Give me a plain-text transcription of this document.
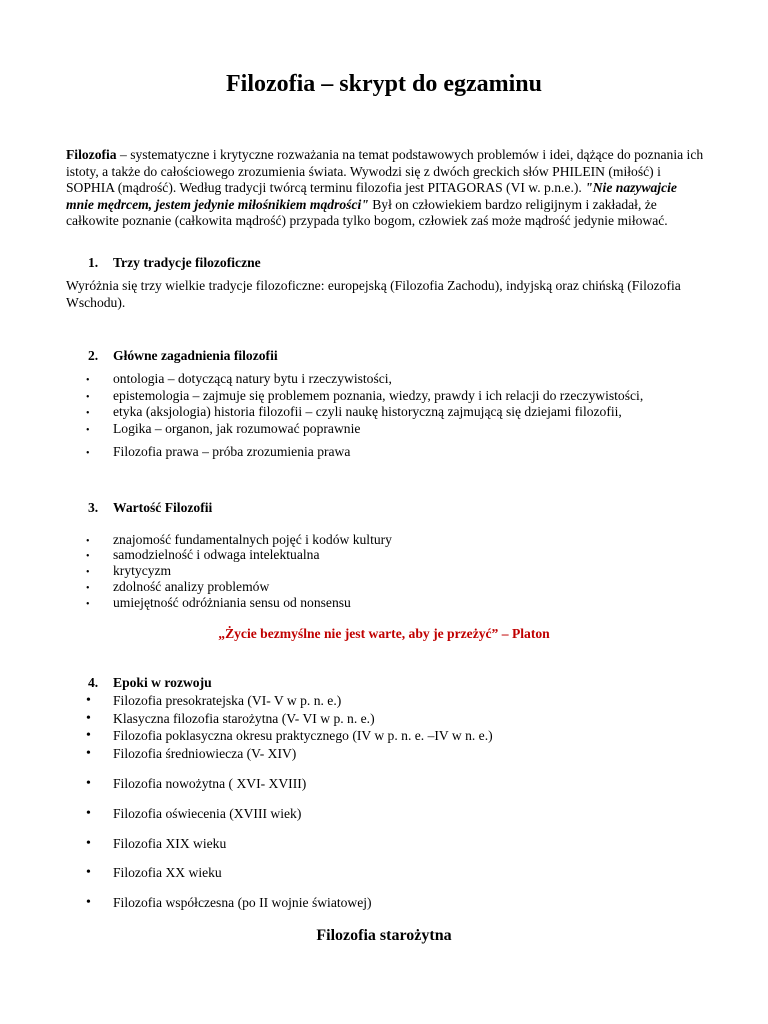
Filozofia – skrypt do egzaminu
Filozofia – systematyczne i krytyczne rozważania na temat podstawowych problemów i idei, dążące do poznania ich istoty, a także do całościowego zrozumienia świata. Wywodzi się z dwóch greckich słów PHILEIN (miłość) i SOPHIA (mądrość). Według tradycji twórcą terminu filozofia jest PITAGORAS (VI w. p.n.e.). "Nie nazywajcie mnie mędrcem, jestem jedynie miłośnikiem mądrości" Był on człowiekiem bardzo religijnym i zakładał, że całkowite poznanie (całkowita mądrość) przypada tylko bogom, człowiek zaś może mądrość jedynie miłować.
1. Trzy tradycje filozoficzne
Wyróżnia się trzy wielkie tradycje filozoficzne: europejską (Filozofia Zachodu), indyjską oraz chińską (Filozofia Wschodu).
2. Główne zagadnienia filozofii
•	ontologia – dotyczącą natury bytu i rzeczywistości,
•	epistemologia – zajmuje się problemem poznania, wiedzy, prawdy i ich relacji do rzeczywistości,
•	etyka (aksjologia) historia filozofii – czyli naukę historyczną zajmującą się dziejami filozofii,
•	Logika – organon, jak rozumować poprawnie
•	Filozofia prawa – próba zrozumienia prawa
3. Wartość Filozofii
•	znajomość fundamentalnych pojęć i kodów kultury
•	samodzielność i odwaga intelektualna
•	krytycyzm
•	zdolność analizy problemów
•	umiejętność odróżniania sensu od nonsensu
„Życie bezmyślne nie jest warte, aby je przeżyć” – Platon
4. Epoki w rozwoju
•	Filozofia presokratejska (VI- V w p. n. e.)
•	Klasyczna filozofia starożytna (V- VI w p. n. e.)
•	Filozofia poklasyczna okresu praktycznego (IV w p. n. e. –IV w n. e.)
•	Filozofia średniowiecza (V- XIV)
•	Filozofia nowożytna ( XVI- XVIII)
•	Filozofia oświecenia (XVIII wiek)
•	Filozofia XIX wieku
•	Filozofia XX wieku
•	Filozofia współczesna (po II wojnie światowej)
Filozofia starożytna
